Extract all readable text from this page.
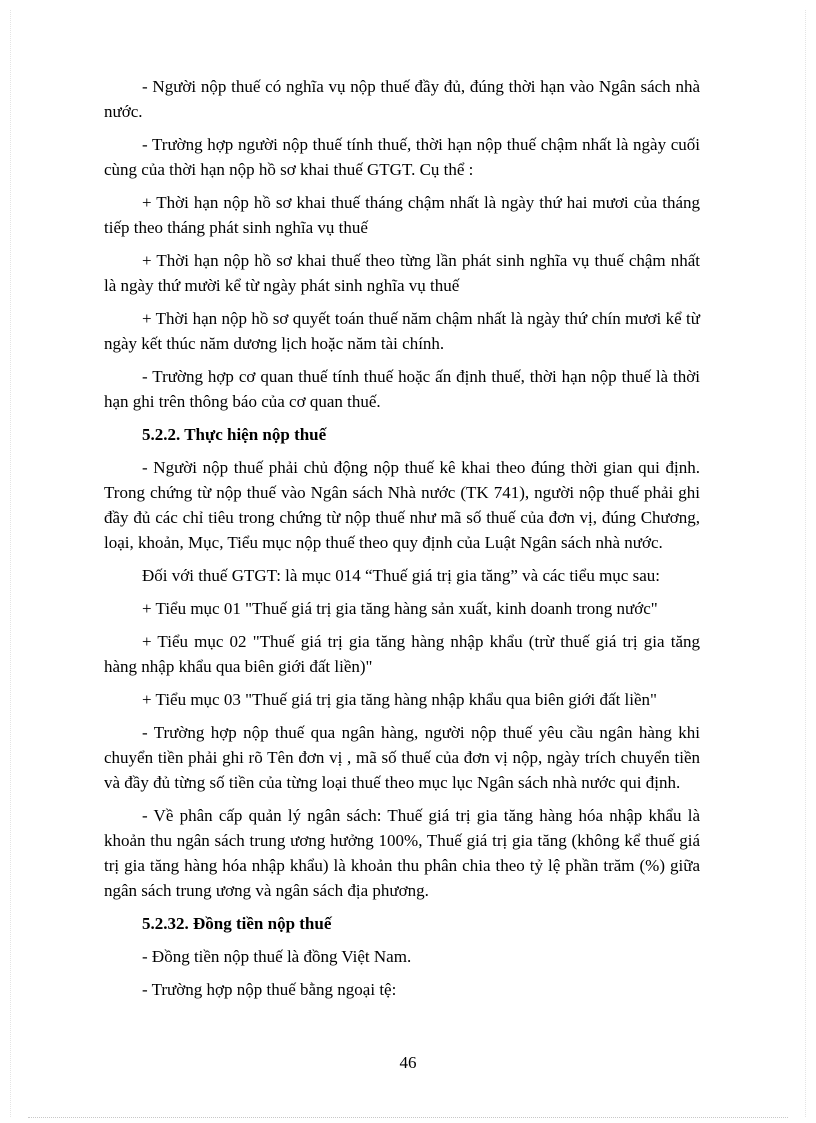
- Người nộp thuế có nghĩa vụ nộp thuế đầy đủ, đúng thời hạn vào Ngân sách nhà nước.

- Trường hợp người nộp thuế tính thuế, thời hạn nộp thuế chậm nhất là ngày cuối cùng của thời hạn nộp hồ sơ khai thuế GTGT. Cụ thể :

+ Thời hạn nộp hồ sơ khai thuế tháng chậm nhất là ngày thứ hai mươi của tháng tiếp theo tháng phát sinh nghĩa vụ thuế

+ Thời hạn nộp hồ sơ khai thuế theo từng lần phát sinh nghĩa vụ thuế chậm nhất là ngày thứ mười kể từ ngày phát sinh nghĩa vụ thuế

+ Thời hạn nộp hồ sơ quyết toán thuế năm chậm nhất là ngày thứ chín mươi kể từ ngày kết thúc năm dương lịch hoặc năm tài chính.

- Trường hợp cơ quan thuế tính thuế hoặc ấn định thuế, thời hạn nộp thuế là thời hạn ghi trên thông báo của cơ quan thuế.

5.2.2. Thực hiện nộp thuế

- Người nộp thuế phải chủ động nộp thuế kê khai theo đúng thời gian qui định. Trong chứng từ nộp thuế vào Ngân sách Nhà nước (TK 741), người nộp thuế phải ghi đầy đủ các chỉ tiêu trong chứng từ nộp thuế như mã số thuế của đơn vị, đúng Chương, loại, khoản, Mục, Tiểu mục nộp thuế theo quy định của Luật Ngân sách nhà nước.

Đối với thuế GTGT: là mục 014 “Thuế giá trị gia tăng” và các tiểu mục sau:

+ Tiểu mục 01 "Thuế giá trị gia tăng hàng sản xuất, kinh doanh trong nước"

+ Tiểu mục 02 "Thuế giá trị gia tăng hàng nhập khẩu (trừ thuế giá trị gia tăng hàng nhập khẩu qua biên giới đất liền)"

+ Tiểu mục 03 "Thuế giá trị gia tăng hàng nhập khẩu qua biên giới đất liền"

- Trường hợp nộp thuế qua ngân hàng, người nộp thuế yêu cầu ngân hàng khi chuyển tiền phải ghi rõ Tên đơn vị , mã số thuế của đơn vị nộp, ngày trích chuyển tiền và đầy đủ từng số tiền của từng loại thuế theo mục lục Ngân sách nhà nước qui định.

- Về phân cấp quản lý ngân sách: Thuế giá trị gia tăng hàng hóa nhập khẩu là khoản thu ngân sách trung ương hưởng 100%, Thuế giá trị gia tăng (không kể thuế giá trị gia tăng hàng hóa nhập khẩu) là khoản thu phân chia theo tỷ lệ phần trăm (%) giữa ngân sách trung ương và ngân sách địa phương.

5.2.32. Đồng tiền nộp thuế

- Đồng tiền nộp thuế là đồng Việt Nam.

- Trường hợp nộp thuế bằng ngoại tệ:

46
